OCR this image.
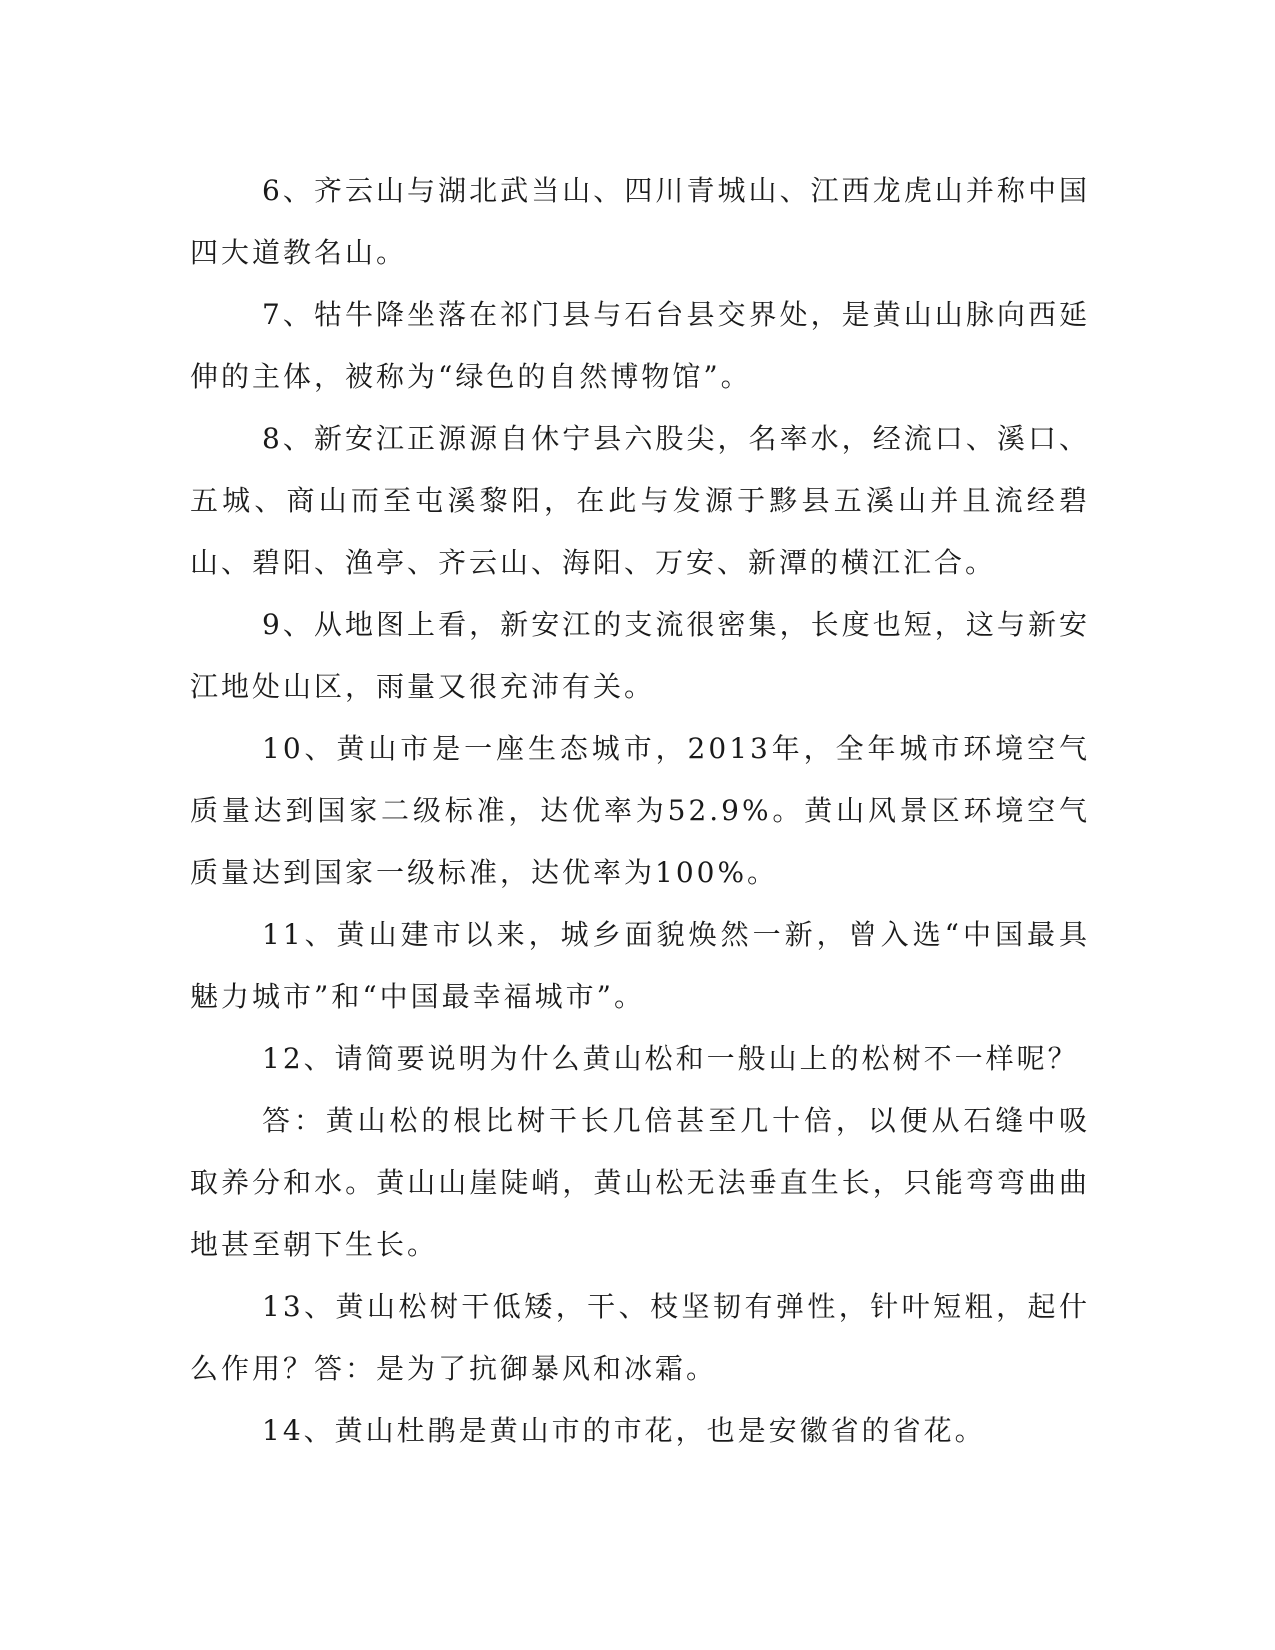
6、齐云山与湖北武当山、四川青城山、江西龙虎山并称中国四大道教名山。

7、牯牛降坐落在祁门县与石台县交界处，是黄山山脉向西延伸的主体，被称为“绿色的自然博物馆”。

8、新安江正源源自休宁县六股尖，名率水，经流口、溪口、五城、商山而至屯溪黎阳，在此与发源于黟县五溪山并且流经碧山、碧阳、渔亭、齐云山、海阳、万安、新潭的横江汇合。

9、从地图上看，新安江的支流很密集，长度也短，这与新安江地处山区，雨量又很充沛有关。

10、黄山市是一座生态城市，2013年，全年城市环境空气质量达到国家二级标准，达优率为52.9%。黄山风景区环境空气质量达到国家一级标准，达优率为100%。

11、黄山建市以来，城乡面貌焕然一新，曾入选“中国最具魅力城市”和“中国最幸福城市”。

12、请简要说明为什么黄山松和一般山上的松树不一样呢？

答：黄山松的根比树干长几倍甚至几十倍，以便从石缝中吸取养分和水。黄山山崖陡峭，黄山松无法垂直生长，只能弯弯曲曲地甚至朝下生长。

13、黄山松树干低矮，干、枝坚韧有弹性，针叶短粗，起什么作用？答：是为了抗御暴风和冰霜。

14、黄山杜鹃是黄山市的市花，也是安徽省的省花。
